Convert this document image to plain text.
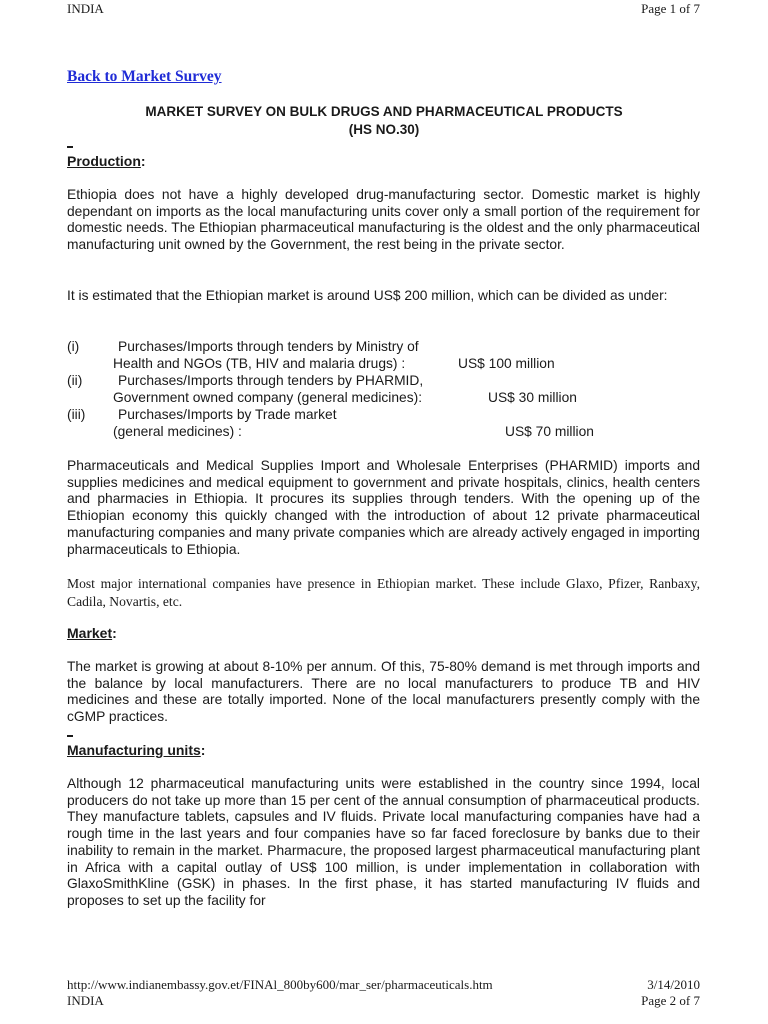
INDIA	Page 1 of 7
Back to Market Survey
MARKET SURVEY ON BULK DRUGS AND PHARMACEUTICAL PRODUCTS
(HS NO.30)
Production:
Ethiopia does not have a highly developed drug-manufacturing sector. Domestic market is highly dependant on imports as the local manufacturing units cover only a small portion of the requirement for domestic needs. The Ethiopian pharmaceutical manufacturing is the oldest and the only pharmaceutical manufacturing unit owned by the Government, the rest being in the private sector.
It is estimated that the Ethiopian market is around US$ 200 million, which can be divided as under:
(i)	Purchases/Imports through tenders by Ministry of
Health and NGOs (TB, HIV and malaria drugs) :	US$ 100 million
(ii)	Purchases/Imports through tenders by PHARMID,
Government owned company (general medicines):	US$ 30 million
(iii) Purchases/Imports by Trade market
(general medicines) :	US$ 70 million
Pharmaceuticals and Medical Supplies Import and Wholesale Enterprises (PHARMID) imports and supplies medicines and medical equipment to government and private hospitals, clinics, health centers and pharmacies in Ethiopia. It procures its supplies through tenders. With the opening up of the Ethiopian economy this quickly changed with the introduction of about 12 private pharmaceutical manufacturing companies and many private companies which are already actively engaged in importing pharmaceuticals to Ethiopia.
Most major international companies have presence in Ethiopian market. These include Glaxo, Pfizer, Ranbaxy, Cadila, Novartis, etc.
Market:
The market is growing at about 8-10% per annum. Of this, 75-80% demand is met through imports and the balance by local manufacturers. There are no local manufacturers to produce TB and HIV medicines and these are totally imported. None of the local manufacturers presently comply with the cGMP practices.
Manufacturing units:
Although 12 pharmaceutical manufacturing units were established in the country since 1994, local producers do not take up more than 15 per cent of the annual consumption of pharmaceutical products. They manufacture tablets, capsules and IV fluids. Private local manufacturing companies have had a rough time in the last years and four companies have so far faced foreclosure by banks due to their inability to remain in the market. Pharmacure, the proposed largest pharmaceutical manufacturing plant in Africa with a capital outlay of US$ 100 million, is under implementation in collaboration with GlaxoSmithKline (GSK) in phases. In the first phase, it has started manufacturing IV fluids and proposes to set up the facility for
http://www.indianembassy.gov.et/FINAl_800by600/mar_ser/pharmaceuticals.htm	3/14/2010
INDIA	Page 2 of 7
